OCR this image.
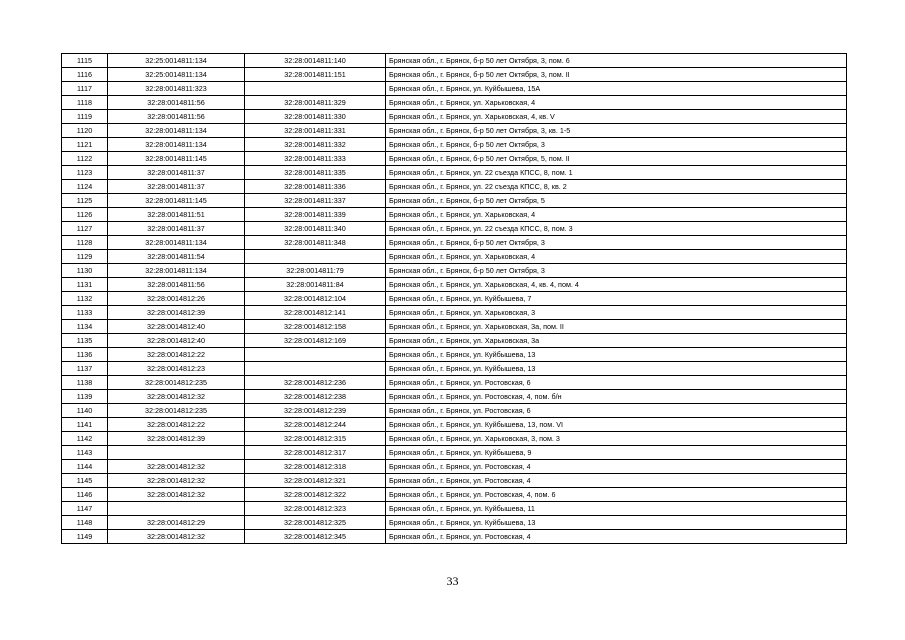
1115	32:25:0014811:134	32:28:0014811:140	Брянская обл., г. Брянск, б-р 50 лет Октября, 3, пом. 6
1116	32:25:0014811:134	32:28:0014811:151	Брянская обл., г. Брянск, б-р 50 лет Октября, 3, пом. II
1117	32:28:0014811:323		Брянская обл., г. Брянск, ул. Куйбышева, 15А
1118	32:28:0014811:56	32:28:0014811:329	Брянская обл., г. Брянск, ул. Харьковская, 4
1119	32:28:0014811:56	32:28:0014811:330	Брянская обл., г. Брянск, ул. Харьковская, 4, кв. V
1120	32:28:0014811:134	32:28:0014811:331	Брянская обл., г. Брянск, б-р 50 лет Октября, 3, кв. 1-5
1121	32:28:0014811:134	32:28:0014811:332	Брянская обл., г. Брянск, б-р 50 лет Октября, 3
1122	32:28:0014811:145	32:28:0014811:333	Брянская обл., г. Брянск, б-р 50 лет Октября, 5, пом. II
1123	32:28:0014811:37	32:28:0014811:335	Брянская обл., г. Брянск, ул. 22 съезда КПСС, 8, пом. 1
1124	32:28:0014811:37	32:28:0014811:336	Брянская обл., г. Брянск, ул. 22 съезда КПСС, 8, кв. 2
1125	32:28:0014811:145	32:28:0014811:337	Брянская обл., г. Брянск, б-р 50 лет Октября, 5
1126	32:28:0014811:51	32:28:0014811:339	Брянская обл., г. Брянск, ул. Харьковская, 4
1127	32:28:0014811:37	32:28:0014811:340	Брянская обл., г. Брянск, ул. 22 съезда КПСС, 8, пом. 3
1128	32:28:0014811:134	32:28:0014811:348	Брянская обл., г. Брянск, б-р 50 лет Октября, 3
1129	32:28:0014811:54		Брянская обл., г. Брянск, ул. Харьковская, 4
1130	32:28:0014811:134	32:28:0014811:79	Брянская обл., г. Брянск, б-р 50 лет Октября, 3
1131	32:28:0014811:56	32:28:0014811:84	Брянская обл., г. Брянск, ул. Харьковская, 4, кв. 4, пом. 4
1132	32:28:0014812:26	32:28:0014812:104	Брянская обл., г. Брянск, ул. Куйбышева, 7
1133	32:28:0014812:39	32:28:0014812:141	Брянская обл., г. Брянск, ул. Харьковская, 3
1134	32:28:0014812:40	32:28:0014812:158	Брянская обл., г. Брянск, ул. Харьковская, 3а, пом. II
1135	32:28:0014812:40	32:28:0014812:169	Брянская обл., г. Брянск, ул. Харьковская, 3а
1136	32:28:0014812:22		Брянская обл., г. Брянск, ул. Куйбышева, 13
1137	32:28:0014812:23		Брянская обл., г. Брянск, ул. Куйбышева, 13
1138	32:28:0014812:235	32:28:0014812:236	Брянская обл., г. Брянск, ул. Ростовская, 6
1139	32:28:0014812:32	32:28:0014812:238	Брянская обл., г. Брянск, ул. Ростовская, 4, пом. б/н
1140	32:28:0014812:235	32:28:0014812:239	Брянская обл., г. Брянск, ул. Ростовская, 6
1141	32:28:0014812:22	32:28:0014812:244	Брянская обл., г. Брянск, ул. Куйбышева, 13, пом. VI
1142	32:28:0014812:39	32:28:0014812:315	Брянская обл., г. Брянск, ул. Харьковская, 3, пом. 3
1143		32:28:0014812:317	Брянская обл., г. Брянск, ул. Куйбышева, 9
1144	32:28:0014812:32	32:28:0014812:318	Брянская обл., г. Брянск, ул. Ростовская, 4
1145	32:28:0014812:32	32:28:0014812:321	Брянская обл., г. Брянск, ул. Ростовская, 4
1146	32:28:0014812:32	32:28:0014812:322	Брянская обл., г. Брянск, ул. Ростовская, 4, пом. 6
1147		32:28:0014812:323	Брянская обл., г. Брянск, ул. Куйбышева, 11
1148	32:28:0014812:29	32:28:0014812:325	Брянская обл., г. Брянск, ул. Куйбышева, 13
1149	32:28:0014812:32	32:28:0014812:345	Брянская обл., г. Брянск, ул. Ростовская, 4
33
